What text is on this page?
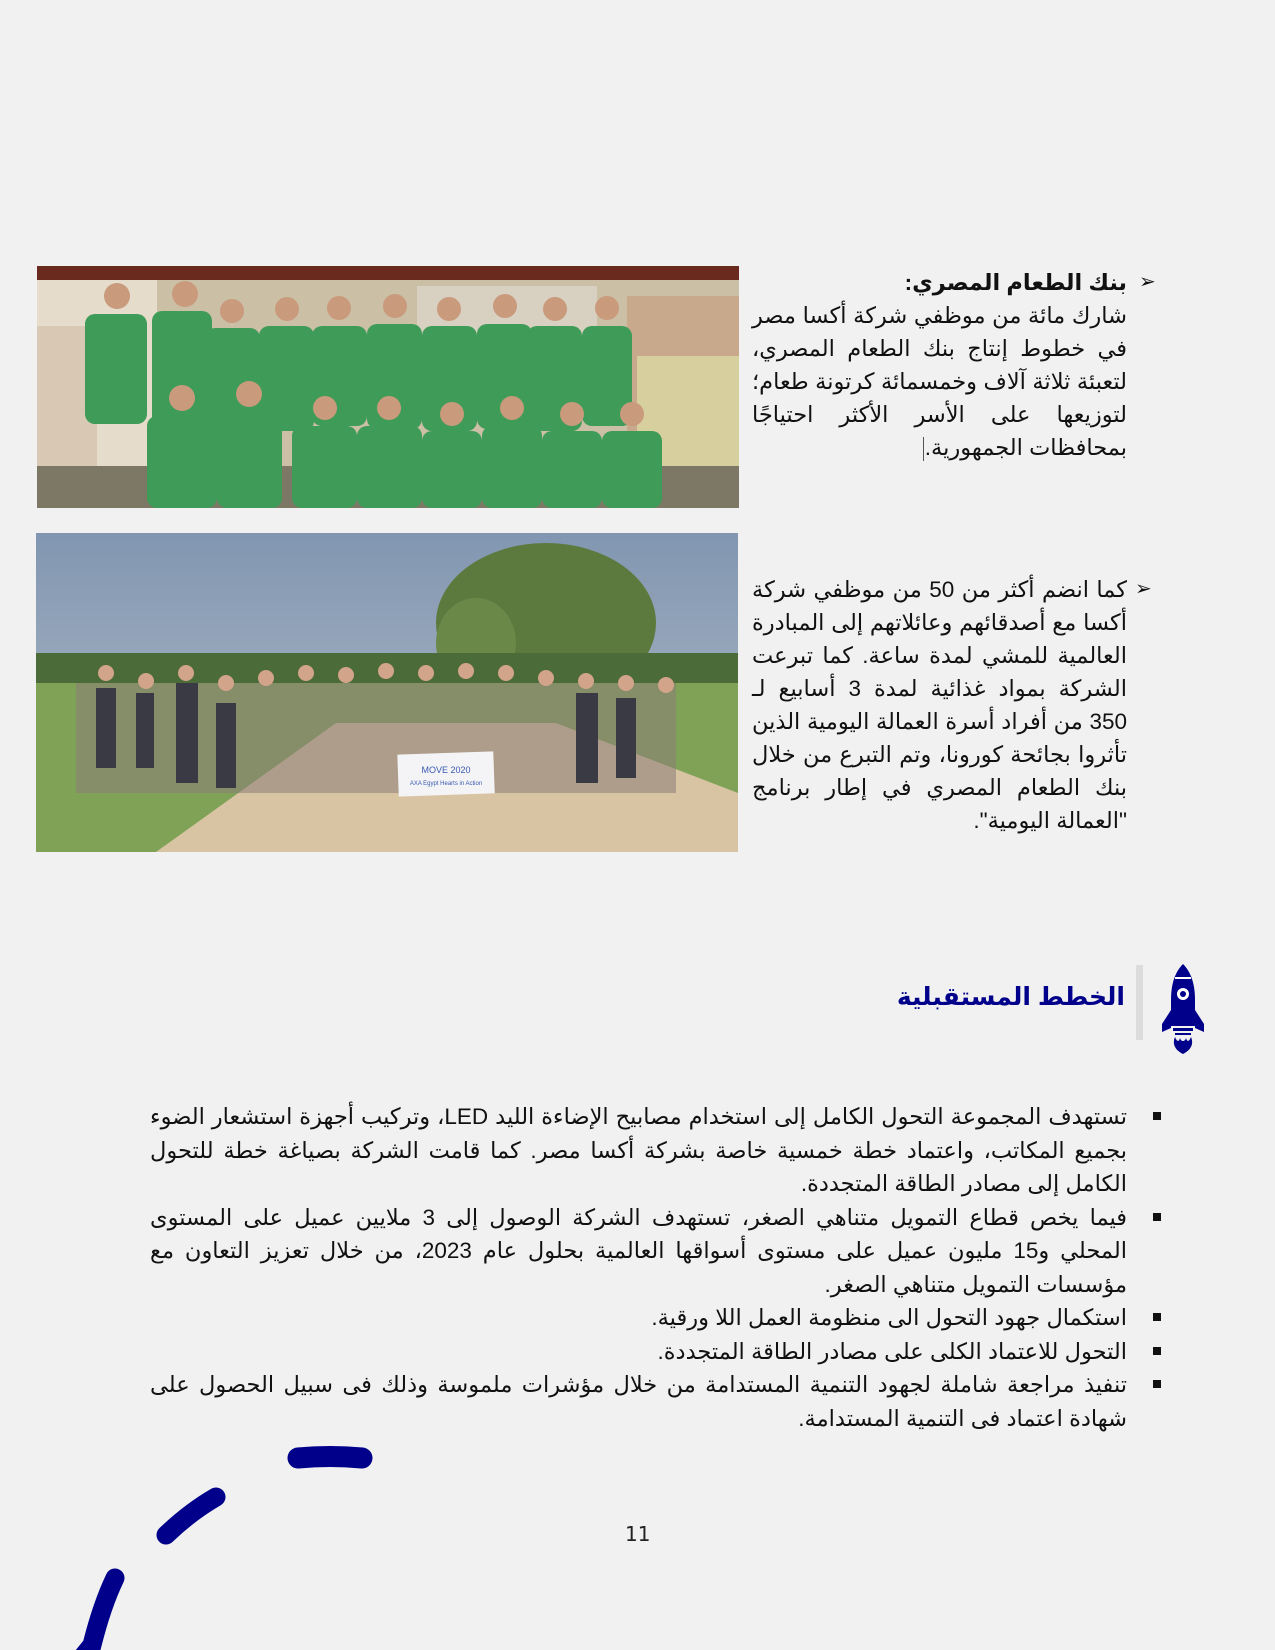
➢

بنك الطعام المصري:
شارك مائة من موظفي شركة أكسا مصر في خطوط إنتاج بنك الطعام المصري، لتعبئة ثلاثة آلاف وخمسمائة كرتونة طعام؛ لتوزيعها على الأسر الأكثر احتياجًا بمحافظات الجمهورية.

MOVE 2020
AXA Egypt Hearts in Action
➢

كما انضم أكثر من 50 من موظفي شركة أكسا مع أصدقائهم وعائلاتهم إلى المبادرة العالمية للمشي لمدة ساعة. كما تبرعت الشركة بمواد غذائية لمدة 3 أسابيع لـ 350 من أفراد أسرة العمالة اليومية الذين تأثروا بجائحة كورونا، وتم التبرع من خلال بنك الطعام المصري في إطار برنامج "العمالة اليومية".

الخطط المستقبلية
تستهدف المجموعة التحول الكامل إلى استخدام مصابيح الإضاءة الليد LED، وتركيب أجهزة استشعار الضوء بجميع المكاتب، واعتماد خطة خمسية خاصة بشركة أكسا مصر. كما قامت الشركة بصياغة خطة للتحول الكامل إلى مصادر الطاقة المتجددة.
فيما يخص قطاع التمويل متناهي الصغر، تستهدف الشركة الوصول إلى 3 ملايين عميل على المستوى المحلي و15 مليون عميل على مستوى أسواقها العالمية بحلول عام 2023، من خلال تعزيز التعاون مع مؤسسات التمويل متناهي الصغر.
استكمال جهود التحول الى منظومة العمل اللا ورقية.
التحول للاعتماد الكلى على مصادر الطاقة المتجددة.
تنفيذ مراجعة شاملة لجهود التنمية المستدامة من خلال مؤشرات ملموسة وذلك فى سبيل الحصول على شهادة اعتماد فى التنمية المستدامة.
11
